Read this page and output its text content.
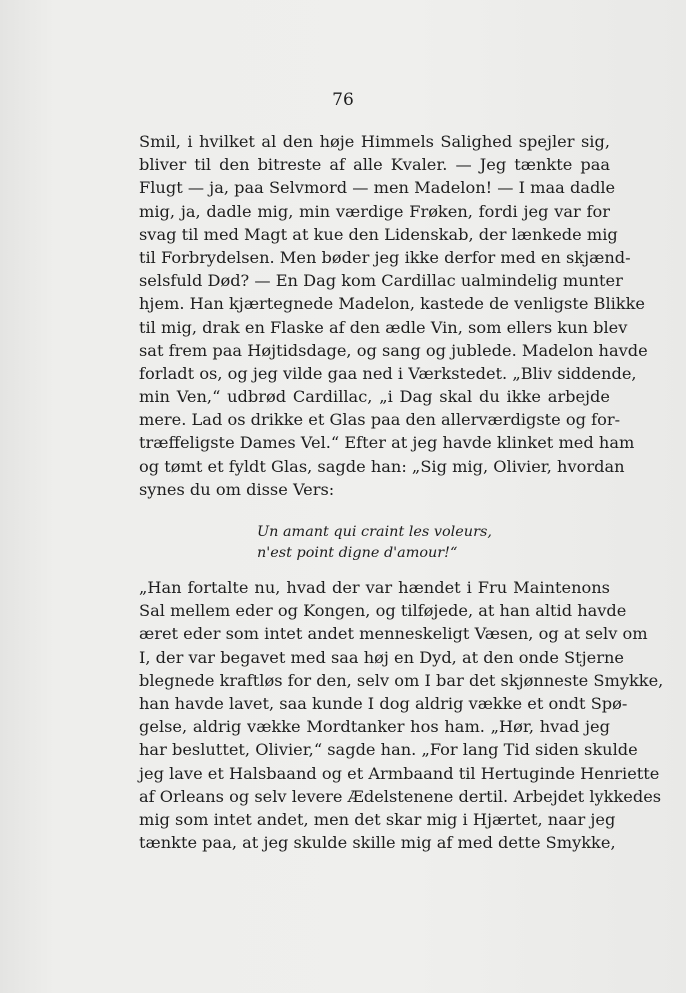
76
Smil, i hvilket al den høje Himmels Salighed spejler sig,
bliver til den bitreste af alle Kvaler. — Jeg tænkte paa
Flugt — ja, paa Selvmord — men Madelon! — I maa dadle
mig, ja, dadle mig, min værdige Frøken, fordi jeg var for
svag til med Magt at kue den Lidenskab, der lænkede mig
til Forbrydelsen. Men bøder jeg ikke derfor med en skjænd-
selsfuld Død? — En Dag kom Cardillac ualmindelig munter
hjem. Han kjærtegnede Madelon, kastede de venligste Blikke
til mig, drak en Flaske af den ædle Vin, som ellers kun blev
sat frem paa Højtidsdage, og sang og jublede. Madelon havde
forladt os, og jeg vilde gaa ned i Værkstedet. „Bliv siddende,
min Ven,“ udbrød Cardillac, „i Dag skal du ikke arbejde
mere. Lad os drikke et Glas paa den allerværdigste og for-
træffeligste Dames Vel.“ Efter at jeg havde klinket med ham
og tømt et fyldt Glas, sagde han: „Sig mig, Olivier, hvordan
synes du om disse Vers:
Un amant qui craint les voleurs,
n'est point digne d'amour!“
„Han fortalte nu, hvad der var hændet i Fru Maintenons
Sal mellem eder og Kongen, og tilføjede, at han altid havde
æret eder som intet andet menneskeligt Væsen, og at selv om
I, der var begavet med saa høj en Dyd, at den onde Stjerne
blegnede kraftløs for den, selv om I bar det skjønneste Smykke,
han havde lavet, saa kunde I dog aldrig vække et ondt Spø-
gelse, aldrig vække Mordtanker hos ham. „Hør, hvad jeg
har besluttet, Olivier,“ sagde han. „For lang Tid siden skulde
jeg lave et Halsbaand og et Armbaand til Hertuginde Henriette
af Orleans og selv levere Ædelstenene dertil. Arbejdet lykkedes
mig som intet andet, men det skar mig i Hjærtet, naar jeg
tænkte paa, at jeg skulde skille mig af med dette Smykke,
